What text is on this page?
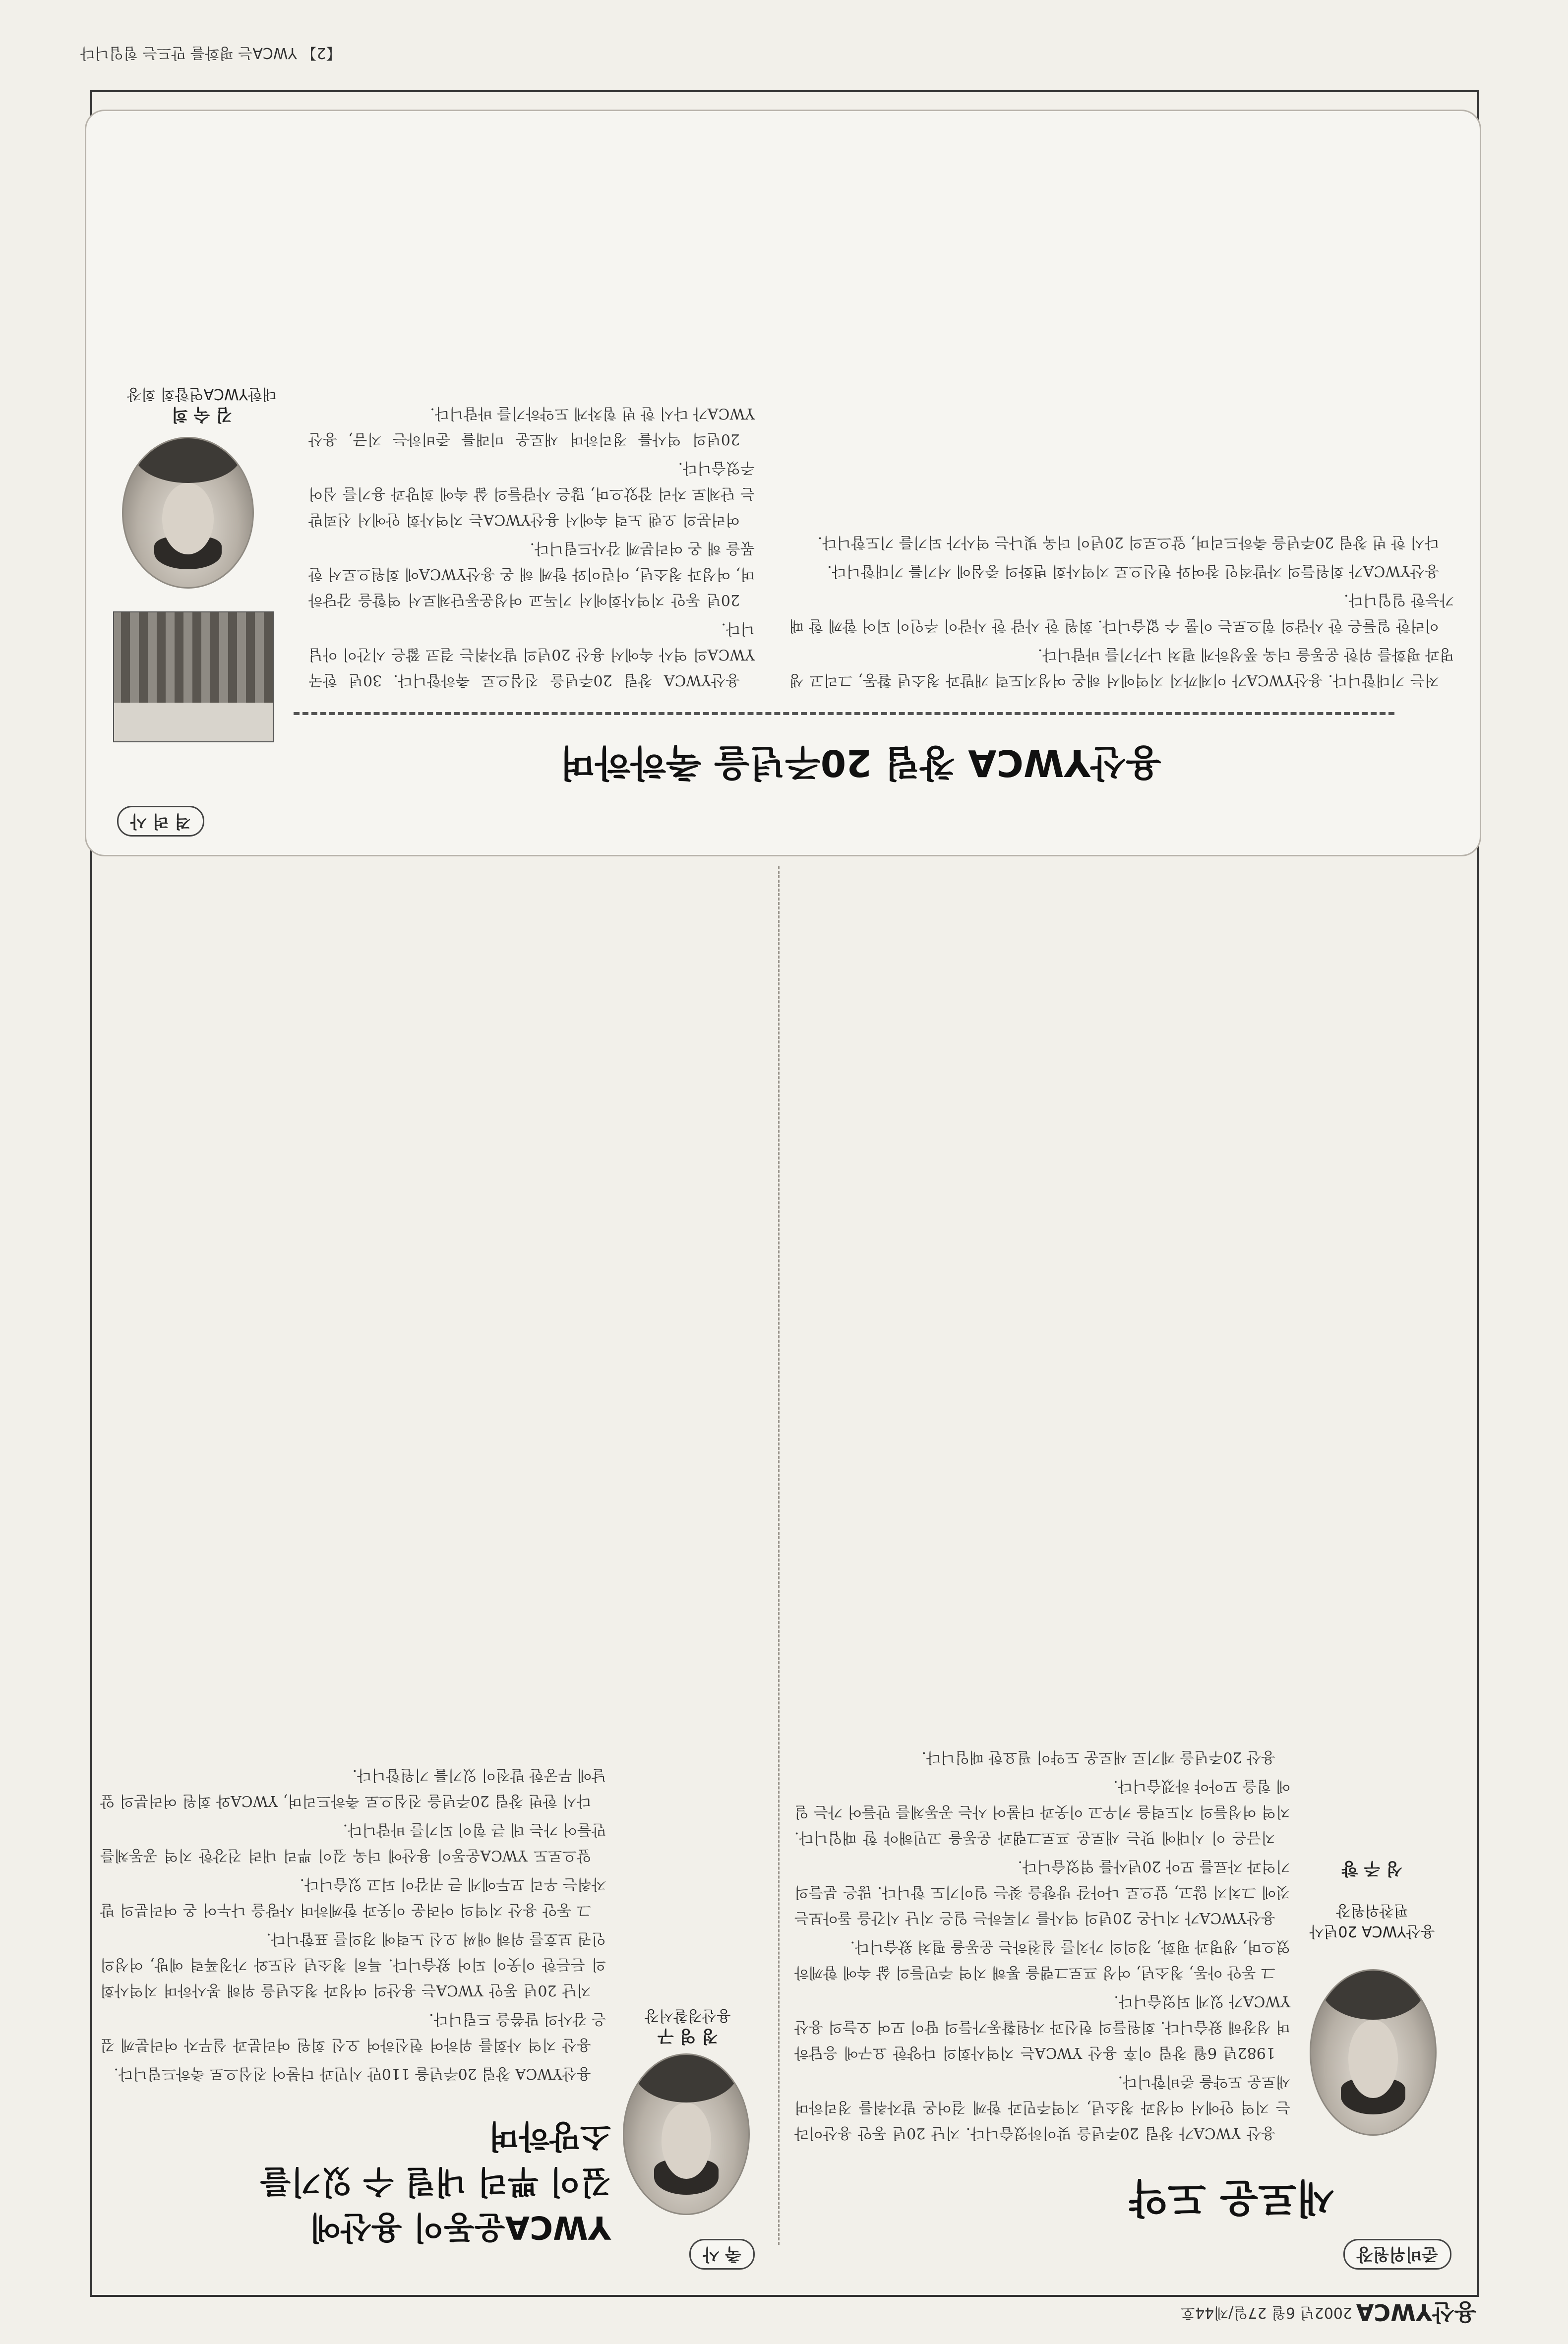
용산YWCA
2002년 6월 27일/제44호
준비위원장
새로운 도약

용산YWCA 20년사
편찬위원장

성 주 향

용산 YWCA가 창립 20주년을 맞이하였습니다. 지난 20년 동안 용산이라는 지역 안에서 여성과 청소년, 지역주민과 함께 걸어온 발자취를 정리하며 새로운 도약을 준비합니다.

1982년 6월 창립 이후 용산 YWCA는 지역사회의 다양한 요구에 응답하며 성장해 왔습니다. 회원들의 헌신과 자원활동가들의 땀이 모여 오늘의 용산YWCA가 있게 되었습니다.

그 동안 아동, 청소년, 여성 프로그램을 통해 지역 주민들의 삶 속에 함께하였으며, 생명과 평화, 정의의 가치를 실천하는 운동을 펼쳐 왔습니다.

용산YWCA가 지나온 20년의 역사를 기록하는 일은 지난 시간을 돌아보는 것에 그치지 않고, 앞으로 나아갈 방향을 찾는 일이기도 합니다. 많은 분들의 기억과 자료를 모아 20년사를 엮었습니다.

지금은 이 시대에 맞는 새로운 프로그램과 운동을 고민해야 할 때입니다. 지역 여성들의 지도력을 키우고 이웃과 더불어 사는 공동체를 만들어 가는 일에 힘을 모아야 하겠습니다.

용산 20주년을 계기로 새로운 도약이 필요한 때입니다.

축 사
YWCA운동이 용산에
깊이 뿌리 내릴 수 있기를
소망하며
정 영 구
용산경찰서장

용산YWCA 창립 20주년을 110만 시민과 더불어 진심으로 축하드립니다.

용산 지역 사회를 위하여 헌신하여 오신 회원 여러분과 실무자 여러분께 깊은 감사의 말씀을 드립니다.

지난 20년 동안 YWCA는 용산의 여성과 청소년을 위해 봉사하며 지역사회의 든든한 이웃이 되어 왔습니다. 특히 청소년 선도와 가정폭력 예방, 여성의 인권 보호를 위해 애써 오신 노력에 경의를 표합니다.

그 동안 용산 지역의 어려운 이웃과 함께하며 사랑을 나누어 온 여러분의 발자취는 우리 모두에게 큰 귀감이 되고 있습니다.

앞으로도 YWCA운동이 용산에 더욱 깊이 뿌리 내려 건강한 지역 공동체를 만들어 가는 데 큰 힘이 되기를 바랍니다.

다시 한번 창립 20주년을 진심으로 축하드리며, YWCA와 회원 여러분의 앞날에 무궁한 발전이 있기를 기원합니다.

격 려 사
용산YWCA 창립 20주년을 축하하며
김 숙 희
대한YWCA연합회 회장

용산YWCA 창립 20주년을 진심으로 축하합니다. 30년 한국YWCA의 역사 속에서 용산 20년의 발자취는 결코 짧은 시간이 아닙니다.

20년 동안 지역사회에서 기독교 여성운동단체로서 역할을 감당하며, 여성과 청소년, 어린이와 함께 해 온 용산YWCA에 회원으로서 한 몫을 해 온 여러분께 감사드립니다.

여러분의 오랜 노력 속에서 용산YWCA는 지역사회 안에서 신뢰받는 단체로 자리 잡았으며, 많은 사람들의 삶 속에 희망과 용기를 심어 주었습니다.

20년의 역사를 정리하며 새로운 미래를 준비하는 지금, 용산YWCA가 다시 한 번 힘차게 도약하기를 바랍니다.

저는 기대합니다. 용산YWCA가 이제까지 지역에서 해온 여성지도력 개발과 청소년 활동, 그리고 생명과 평화를 위한 운동을 더욱 풍성하게 펼쳐 나가기를 바랍니다.

이러한 일들은 한 사람의 힘으로는 이룰 수 없습니다. 회원 한 사람 한 사람이 주인이 되어 함께 할 때 가능한 일입니다.

용산YWCA가 회원들의 자발적인 참여와 헌신으로 지역사회 변화의 중심에 서기를 기대합니다.

다시 한 번 창립 20주년을 축하드리며, 앞으로의 20년이 더욱 빛나는 역사가 되기를 기도합니다.

【2】 YWCA는 평화를 만드는 힘입니다
